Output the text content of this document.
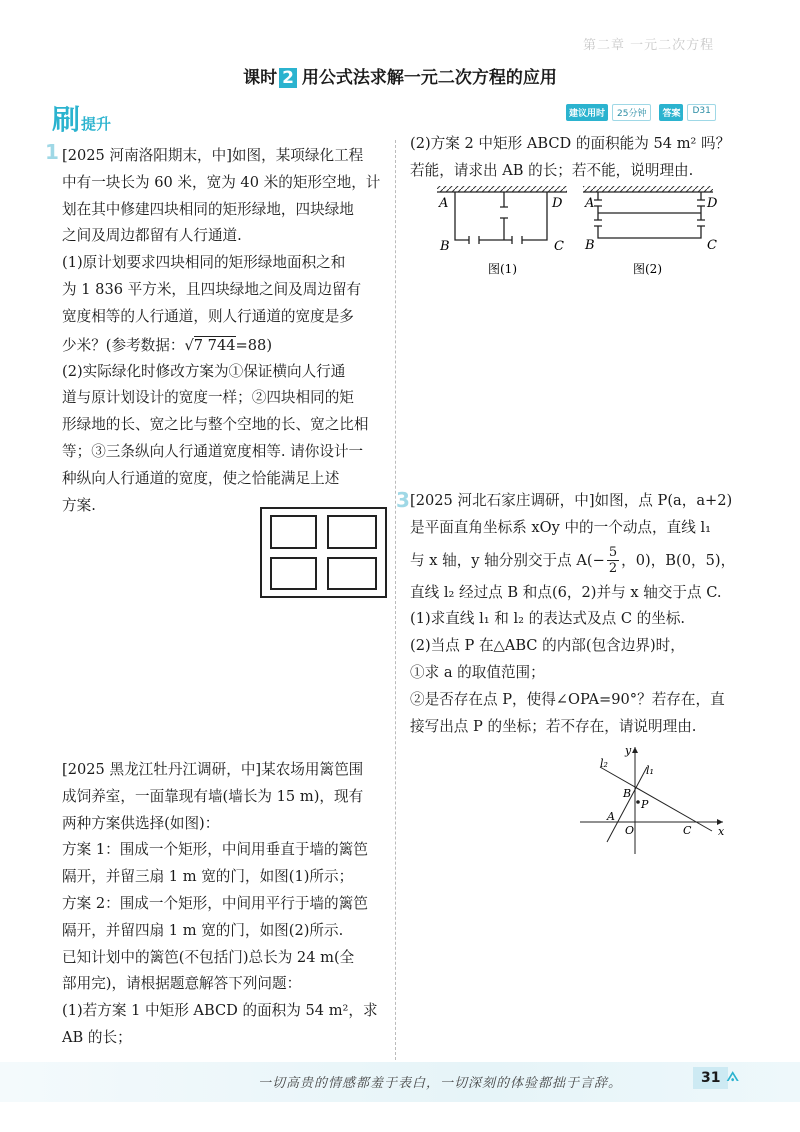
第二章 一元二次方程
课时 2 用公式法求解一元二次方程的应用
刷提升
建议用时	25分钟	答案	D31
1 [2025 河南洛阳期末，中]如图，某项绿化工程
中有一块长为 60 米，宽为 40 米的矩形空地，计
划在其中修建四块相同的矩形绿地，四块绿地
之间及周边都留有人行通道.
(1)原计划要求四块相同的矩形绿地面积之和
为 1 836 平方米，且四块绿地之间及周边留有
宽度相等的人行通道，则人行通道的宽度是多
少米？(参考数据：√7 744=88)
(2)实际绿化时修改方案为①保证横向人行通
道与原计划设计的宽度一样；②四块相同的矩
形绿地的长、宽之比与整个空地的长、宽之比相
等；③三条纵向人行通道宽度相等. 请你设计一
种纵向人行通道的宽度，使之恰能满足上述
方案.
[2025 黑龙江牡丹江调研，中]某农场用篱笆围
成饲养室，一面靠现有墙(墙长为 15 m)，现有
两种方案供选择(如图)：
方案 1：围成一个矩形，中间用垂直于墙的篱笆
隔开，并留三扇 1 m 宽的门，如图(1)所示；
方案 2：围成一个矩形，中间用平行于墙的篱笆
隔开，并留四扇 1 m 宽的门，如图(2)所示.
已知计划中的篱笆(不包括门)总长为 24 m(全
部用完)，请根据题意解答下列问题：
(1)若方案 1 中矩形 ABCD 的面积为 54 m²，求
AB 的长；
(2)方案 2 中矩形 ABCD 的面积能为 54 m² 吗？
若能，请求出 AB 的长；若不能，说明理由.
A	D
B	C
图(1)
A	D
B	C
图(2)
3 [2025 河北石家庄调研，中]如图，点 P(a，a+2)
是平面直角坐标系 xOy 中的一个动点，直线 l₁
与 x 轴，y 轴分别交于点 $A(- \frac{5}{2}$ ，0)，B(0，5)，
直线 l₂ 经过点 B 和点(6，2)并与 x 轴交于点 C.
(1)求直线 l₁ 和 l₂ 的表达式及点 C 的坐标.
(2)当点 P 在△ABC 的内部(包含边界)时，
①求 a 的取值范围；
②是否存在点 P，使得∠OPA=90°？若存在，直
接写出点 P 的坐标；若不存在，请说明理由.
y
x
l₁
l₂
B
P
A
O	C
一切高贵的情感都羞于表白，一切深刻的体验都拙于言辞。	31 ⟑
